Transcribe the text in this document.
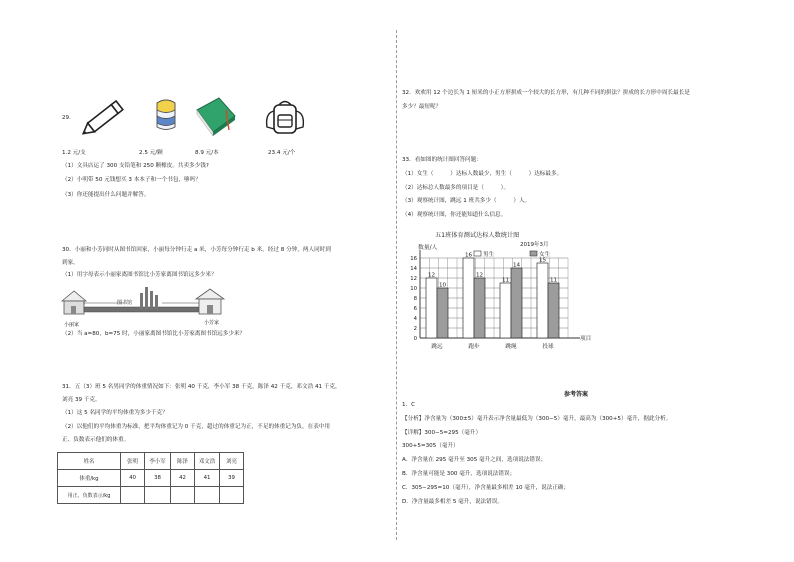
29.
1.2 元/支	2.5 元/颗	8.9 元/本	23.4 元/个
（1）文具店运了 300 支铅笔和 250 颗橡皮。共卖多少钱?
（2）小明带 50 元钱想买 3 本本子和一个书包，够吗？
（3）你还能提出什么问题并解答。
30．小丽和小芳同时从图书馆回家，小丽每分钟行走 a 米，小芳每分钟行走 b 米。经过 8 分钟，两人同时到
到家。
（1）用字母表示小丽家离图书馆比小芳家离图书馆远多少米？
图书馆
小丽家	小芳家
（2）当 a=80，b=75 时，小丽家离图书馆比小芳家离图书馆远多少米？
31．五（3）班 5 名男同学的体重情况如下：张明 40 千克，李小军 38 千克，陈泽 42 千克，邓文浩 41 千克，
刘亮 39 千克。
（1）这 5 名同学的平均体重为多少千克？
（2）以他们的平均体重为标准，把平均体重记为 0 千克，超过的体重记为正，不足的体重记为负，在表中用
正、负数表示他们的体重。
姓名	张明	李小军	陈泽	邓文浩	刘亮
体重/kg	40	38	42	41	39
用正、负数表示/kg					
32．欢欢用 12 个边长为 1 厘米的小正方形拼成一个较大的长方形，有几种不同的拼法？拼成的长方形中周长最长是
多少？最短呢？
33．看如图的统计图回答问题：
（1）女生（　　　）达标人数最少，男生（　　　）达标最多。
（2）达标总人数最多的项目是（　　　）。
（3）观察统计图，跳远 1 班共多少（　　　）人。
（4）观察统计图，你还能知道什么信息。
五1班体育测试达标人数统计图
2019年3月
0
2
4
6
8
10
12
14
16
数量/人
项目
男生	女生
12
10
跳远
16
12
跑步
11
14
跳绳
15
11
投球
参考答案
1．C
【分析】净含量为（300±5）毫升表示净含量最低为（300−5）毫升，最高为（300+5）毫升，据此分析。
【详解】300−5=295（毫升）
300+5=305（毫升）
A．净含量在 295 毫升至 305 毫升之间，选项说法错误；
B．净含量可能是 300 毫升，选项说法错误；
C．305−295=10（毫升），净含量最多相差 10 毫升，说法正确；
D．净含量最多相差 5 毫升，说法错误。
